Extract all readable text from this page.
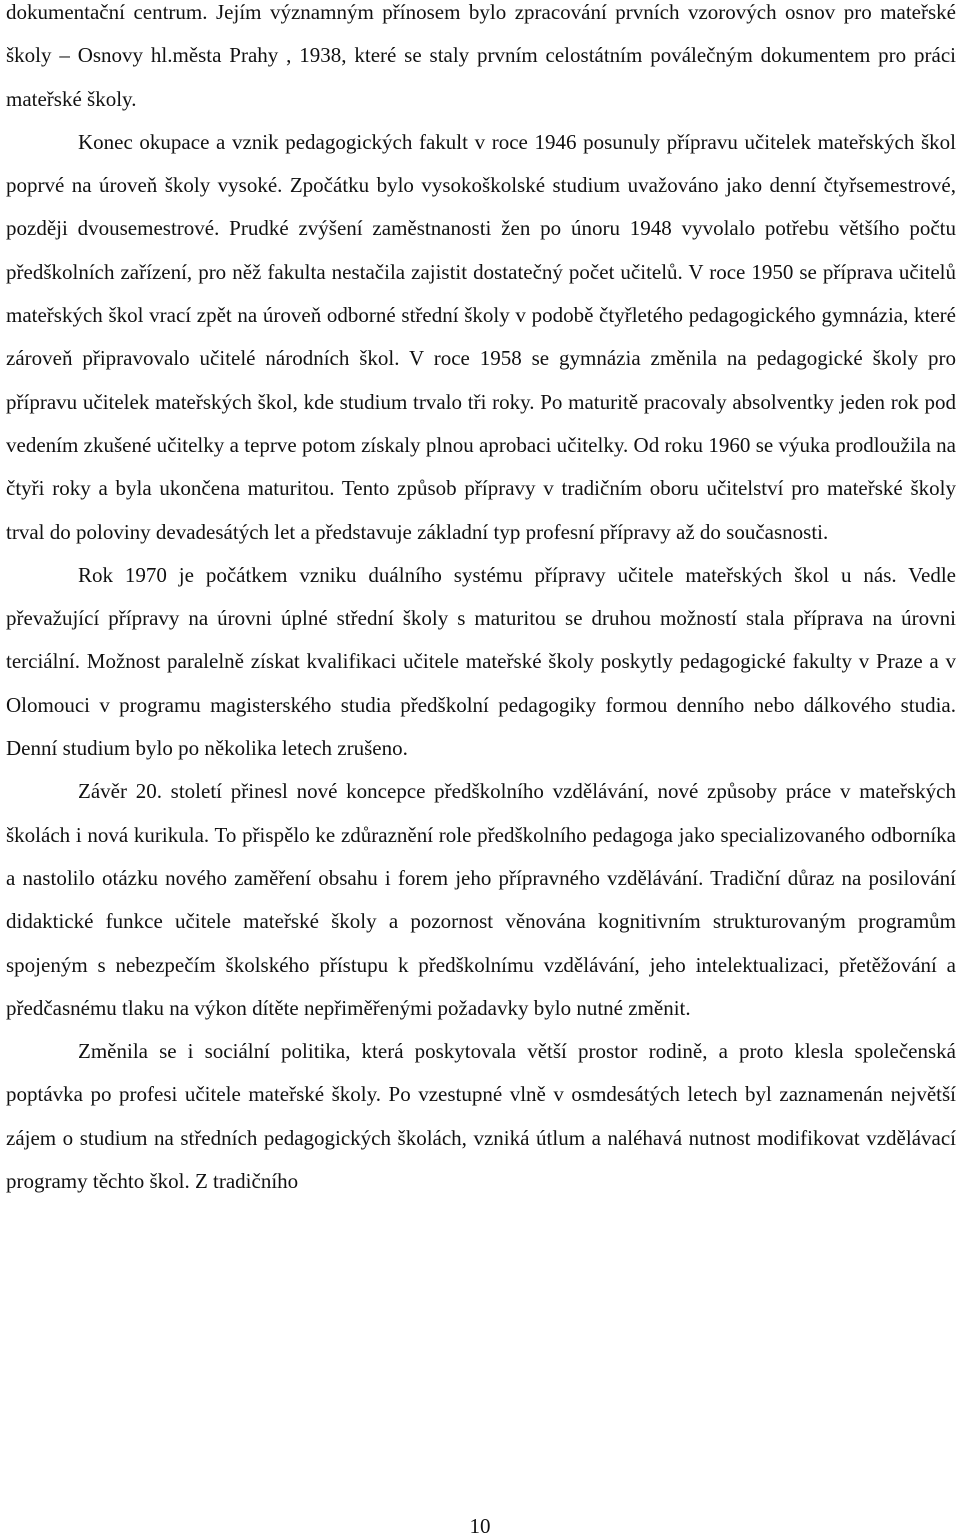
dokumentační centrum. Jejím významným přínosem bylo zpracování prvních vzorových osnov pro mateřské školy – Osnovy hl.města Prahy , 1938, které se staly prvním celostátním poválečným dokumentem pro práci mateřské školy.

Konec okupace a vznik pedagogických fakult v roce 1946 posunuly přípravu učitelek mateřských škol poprvé na úroveň školy vysoké. Zpočátku bylo vysokoškolské studium uvažováno jako denní čtyřsemestrové, později dvousemestrové. Prudké zvýšení zaměstnanosti žen po únoru 1948 vyvolalo potřebu většího počtu předškolních zařízení, pro něž fakulta nestačila zajistit dostatečný počet učitelů. V roce 1950 se příprava učitelů mateřských škol vrací zpět na úroveň odborné střední školy v podobě čtyřletého pedagogického gymnázia, které zároveň připravovalo učitelé národních škol. V roce 1958 se gymnázia změnila na pedagogické školy pro přípravu učitelek mateřských škol, kde studium trvalo tři roky. Po maturitě pracovaly absolventky jeden rok pod vedením zkušené učitelky a teprve potom získaly plnou aprobaci učitelky. Od roku 1960 se výuka prodloužila na čtyři roky a byla ukončena maturitou. Tento způsob přípravy v tradičním oboru učitelství pro mateřské školy trval do poloviny devadesátých let a představuje základní typ profesní přípravy až do současnosti.

Rok 1970 je počátkem vzniku duálního systému přípravy učitele mateřských škol u nás. Vedle převažující přípravy na úrovni úplné střední školy s maturitou se druhou možností stala příprava na úrovni terciální. Možnost paralelně získat kvalifikaci učitele mateřské školy poskytly pedagogické fakulty v Praze a v Olomouci v programu magisterského studia předškolní pedagogiky formou denního nebo dálkového studia. Denní studium bylo po několika letech zrušeno.

Závěr 20. století přinesl nové koncepce předškolního vzdělávání, nové způsoby práce v mateřských školách i nová kurikula. To přispělo ke zdůraznění role předškolního pedagoga jako specializovaného odborníka a nastolilo otázku nového zaměření obsahu i forem jeho přípravného vzdělávání. Tradiční důraz na posilování didaktické funkce učitele mateřské školy a pozornost věnována kognitivním strukturovaným programům spojeným s nebezpečím školského přístupu k předškolnímu vzdělávání, jeho intelektualizaci, přetěžování a předčasnému tlaku na výkon dítěte nepřiměřenými požadavky bylo nutné změnit.

Změnila se i sociální politika, která poskytovala větší prostor rodině, a proto klesla společenská poptávka po profesi učitele mateřské školy. Po vzestupné vlně v osmdesátých letech byl zaznamenán největší zájem o studium na středních pedagogických školách, vzniká útlum a naléhavá nutnost modifikovat vzdělávací programy těchto škol. Z tradičního

10
